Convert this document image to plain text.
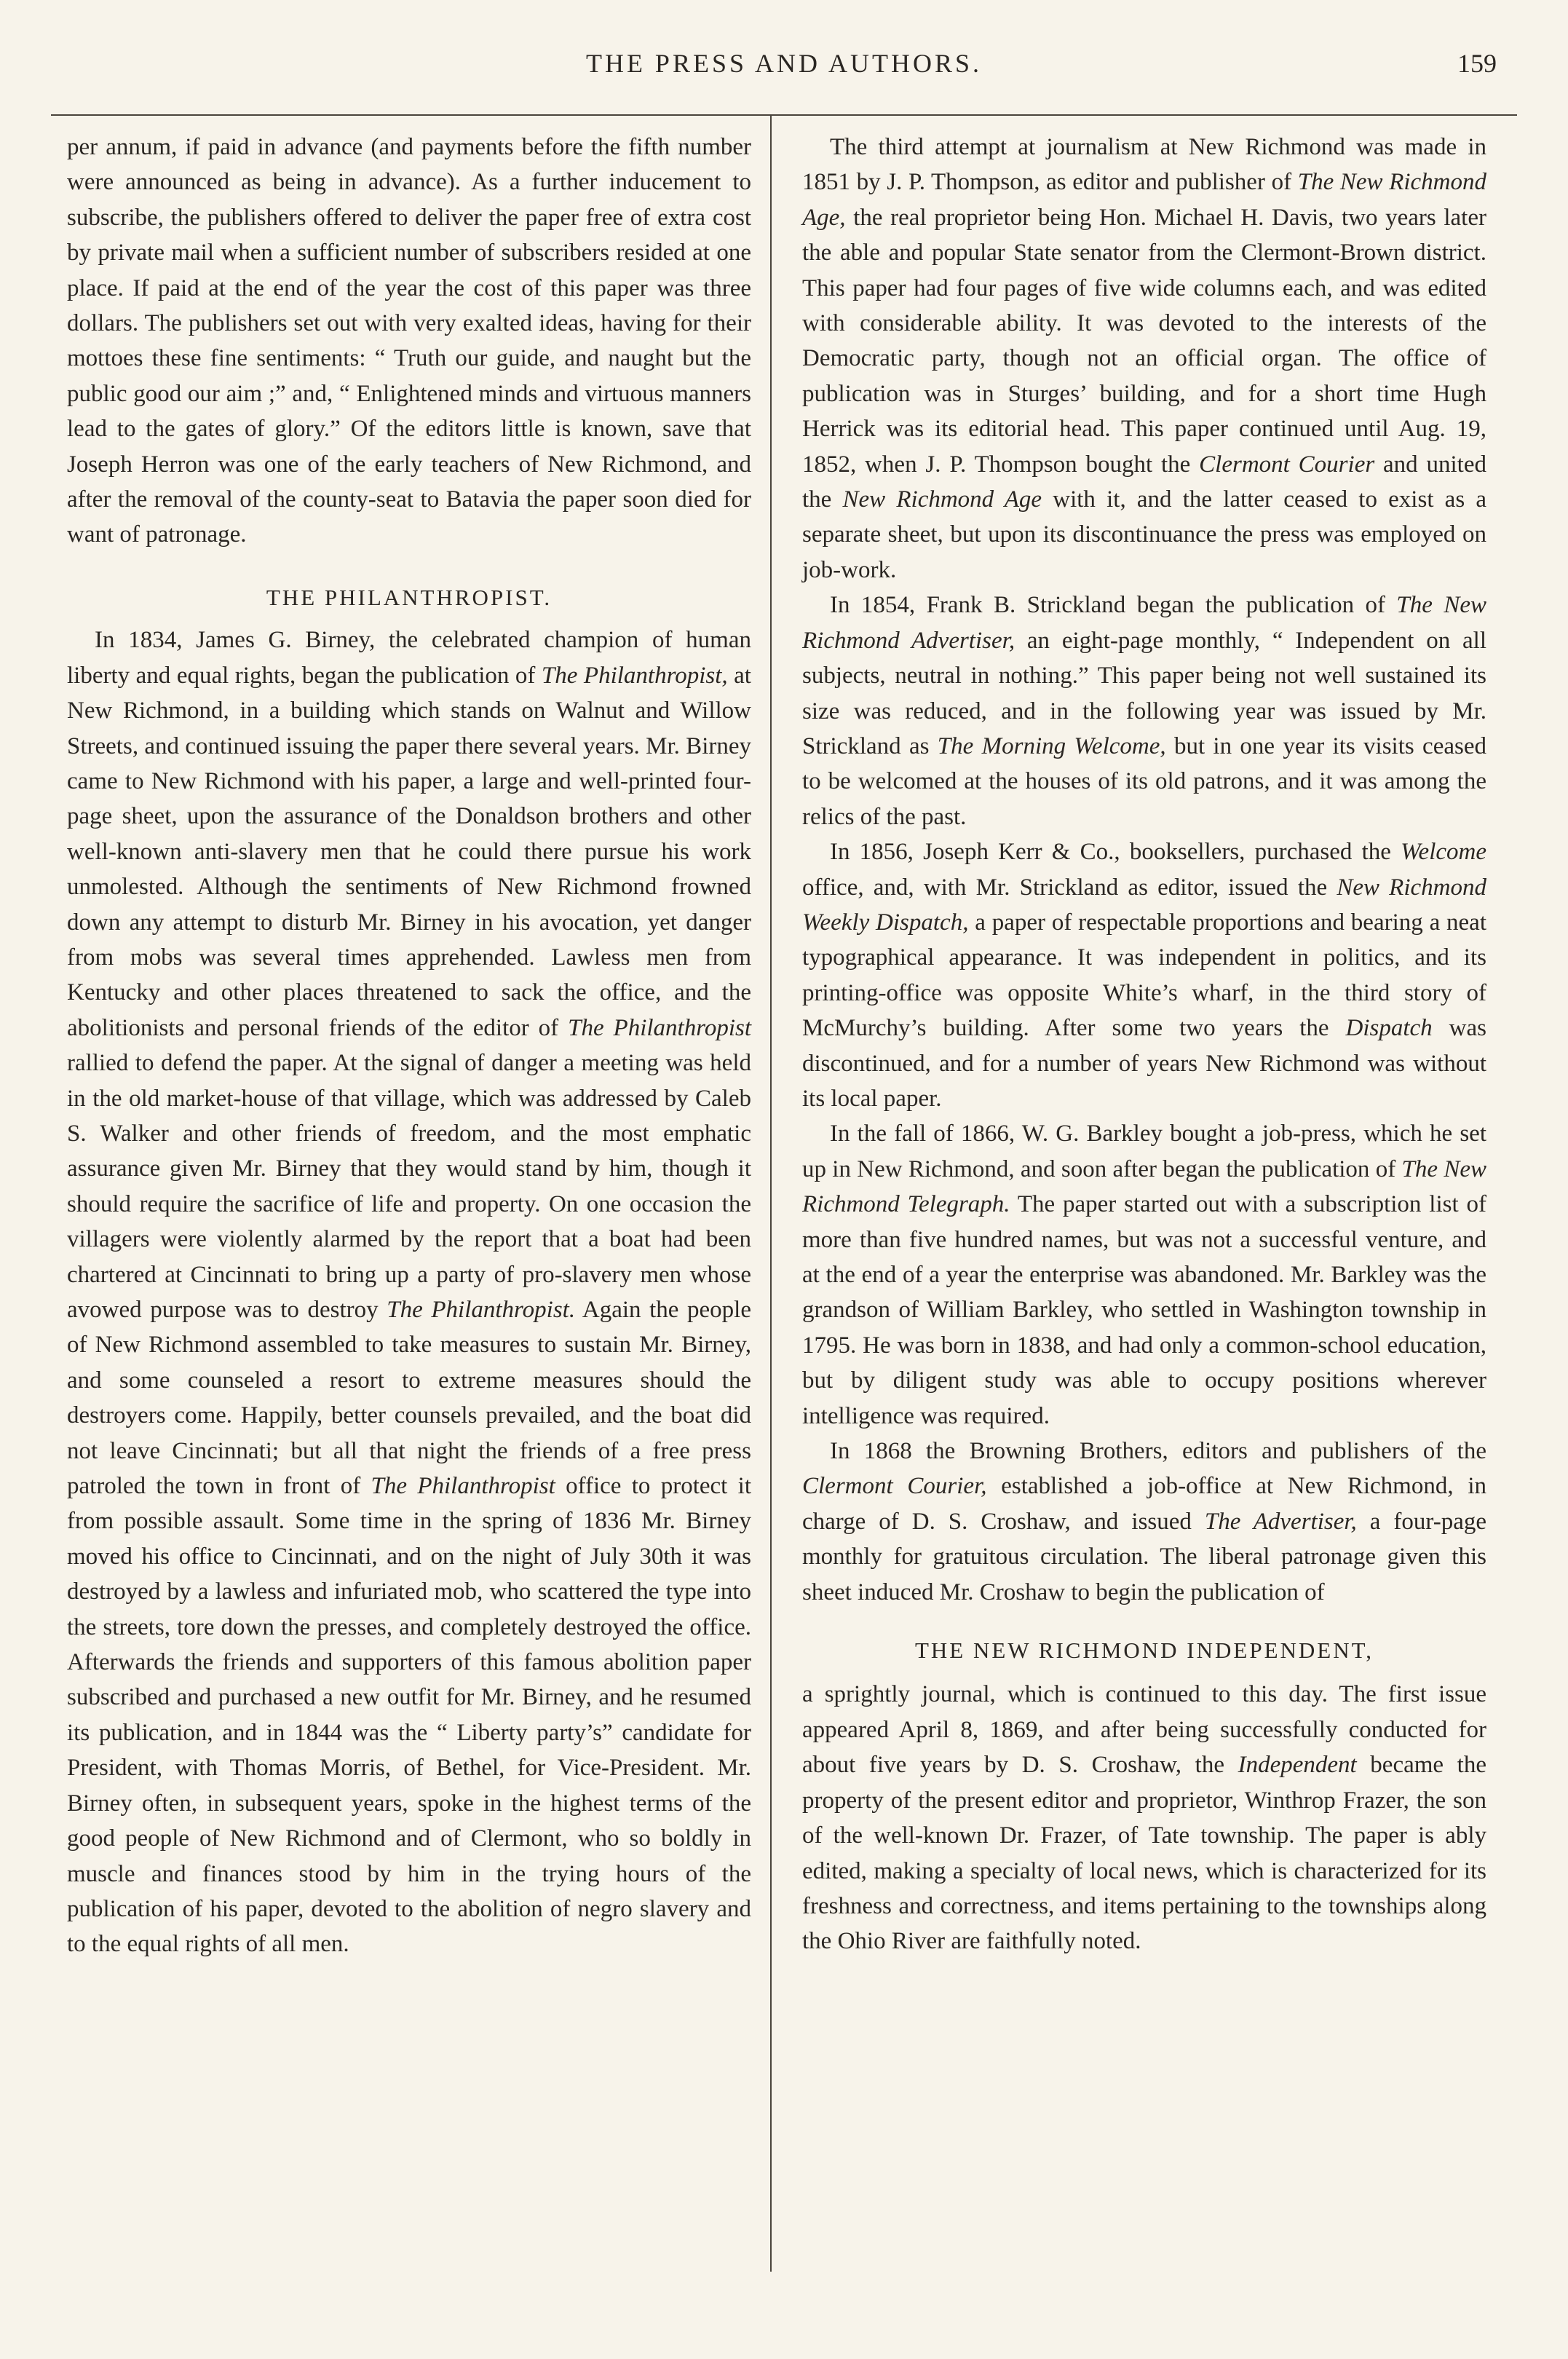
THE PRESS AND AUTHORS.	159

per annum, if paid in advance (and payments before the fifth number were announced as being in advance). As a further inducement to subscribe, the publishers offered to deliver the paper free of extra cost by private mail when a sufficient number of subscribers resided at one place. If paid at the end of the year the cost of this paper was three dollars. The publishers set out with very exalted ideas, having for their mottoes these fine sentiments: “ Truth our guide, and naught but the public good our aim ;” and, “ Enlightened minds and virtuous manners lead to the gates of glory.” Of the editors little is known, save that Joseph Herron was one of the early teachers of New Richmond, and after the removal of the county-seat to Batavia the paper soon died for want of patronage.

THE PHILANTHROPIST.

In 1834, James G. Birney, the celebrated champion of human liberty and equal rights, began the publication of The Philanthropist, at New Richmond, in a building which stands on Walnut and Willow Streets, and continued issuing the paper there several years. Mr. Birney came to New Richmond with his paper, a large and well-printed four-page sheet, upon the assurance of the Donaldson brothers and other well-known anti-slavery men that he could there pursue his work unmolested. Although the sentiments of New Richmond frowned down any attempt to disturb Mr. Birney in his avocation, yet danger from mobs was several times apprehended. Lawless men from Kentucky and other places threatened to sack the office, and the abolitionists and personal friends of the editor of The Philanthropist rallied to defend the paper. At the signal of danger a meeting was held in the old market-house of that village, which was addressed by Caleb S. Walker and other friends of freedom, and the most emphatic assurance given Mr. Birney that they would stand by him, though it should require the sacrifice of life and property. On one occasion the villagers were violently alarmed by the report that a boat had been chartered at Cincinnati to bring up a party of pro-slavery men whose avowed purpose was to destroy The Philanthropist. Again the people of New Richmond assembled to take measures to sustain Mr. Birney, and some counseled a resort to extreme measures should the destroyers come. Happily, better counsels prevailed, and the boat did not leave Cincinnati; but all that night the friends of a free press patroled the town in front of The Philanthropist office to protect it from possible assault. Some time in the spring of 1836 Mr. Birney moved his office to Cincinnati, and on the night of July 30th it was destroyed by a lawless and infuriated mob, who scattered the type into the streets, tore down the presses, and completely destroyed the office. Afterwards the friends and supporters of this famous abolition paper subscribed and purchased a new outfit for Mr. Birney, and he resumed its publication, and in 1844 was the “ Liberty party’s” candidate for President, with Thomas Morris, of Bethel, for Vice-President. Mr. Birney often, in subsequent years, spoke in the highest terms of the good people of New Richmond and of Clermont, who so boldly in muscle and finances stood by him in the trying hours of the publication of his paper, devoted to the abolition of negro slavery and to the equal rights of all men.

The third attempt at journalism at New Richmond was made in 1851 by J. P. Thompson, as editor and publisher of The New Richmond Age, the real proprietor being Hon. Michael H. Davis, two years later the able and popular State senator from the Clermont-Brown district. This paper had four pages of five wide columns each, and was edited with considerable ability. It was devoted to the interests of the Democratic party, though not an official organ. The office of publication was in Sturges’ building, and for a short time Hugh Herrick was its editorial head. This paper continued until Aug. 19, 1852, when J. P. Thompson bought the Clermont Courier and united the New Richmond Age with it, and the latter ceased to exist as a separate sheet, but upon its discontinuance the press was employed on job-work.

In 1854, Frank B. Strickland began the publication of The New Richmond Advertiser, an eight-page monthly, “ Independent on all subjects, neutral in nothing.” This paper being not well sustained its size was reduced, and in the following year was issued by Mr. Strickland as The Morning Welcome, but in one year its visits ceased to be welcomed at the houses of its old patrons, and it was among the relics of the past.

In 1856, Joseph Kerr & Co., booksellers, purchased the Welcome office, and, with Mr. Strickland as editor, issued the New Richmond Weekly Dispatch, a paper of respectable proportions and bearing a neat typographical appearance. It was independent in politics, and its printing-office was opposite White’s wharf, in the third story of McMurchy’s building. After some two years the Dispatch was discontinued, and for a number of years New Richmond was without its local paper.

In the fall of 1866, W. G. Barkley bought a job-press, which he set up in New Richmond, and soon after began the publication of The New Richmond Telegraph. The paper started out with a subscription list of more than five hundred names, but was not a successful venture, and at the end of a year the enterprise was abandoned. Mr. Barkley was the grandson of William Barkley, who settled in Washington township in 1795. He was born in 1838, and had only a common-school education, but by diligent study was able to occupy positions wherever intelligence was required.

In 1868 the Browning Brothers, editors and publishers of the Clermont Courier, established a job-office at New Richmond, in charge of D. S. Croshaw, and issued The Advertiser, a four-page monthly for gratuitous circulation. The liberal patronage given this sheet induced Mr. Croshaw to begin the publication of

THE NEW RICHMOND INDEPENDENT,

a sprightly journal, which is continued to this day. The first issue appeared April 8, 1869, and after being successfully conducted for about five years by D. S. Croshaw, the Independent became the property of the present editor and proprietor, Winthrop Frazer, the son of the well-known Dr. Frazer, of Tate township. The paper is ably edited, making a specialty of local news, which is characterized for its freshness and correctness, and items pertaining to the townships along the Ohio River are faithfully noted.
